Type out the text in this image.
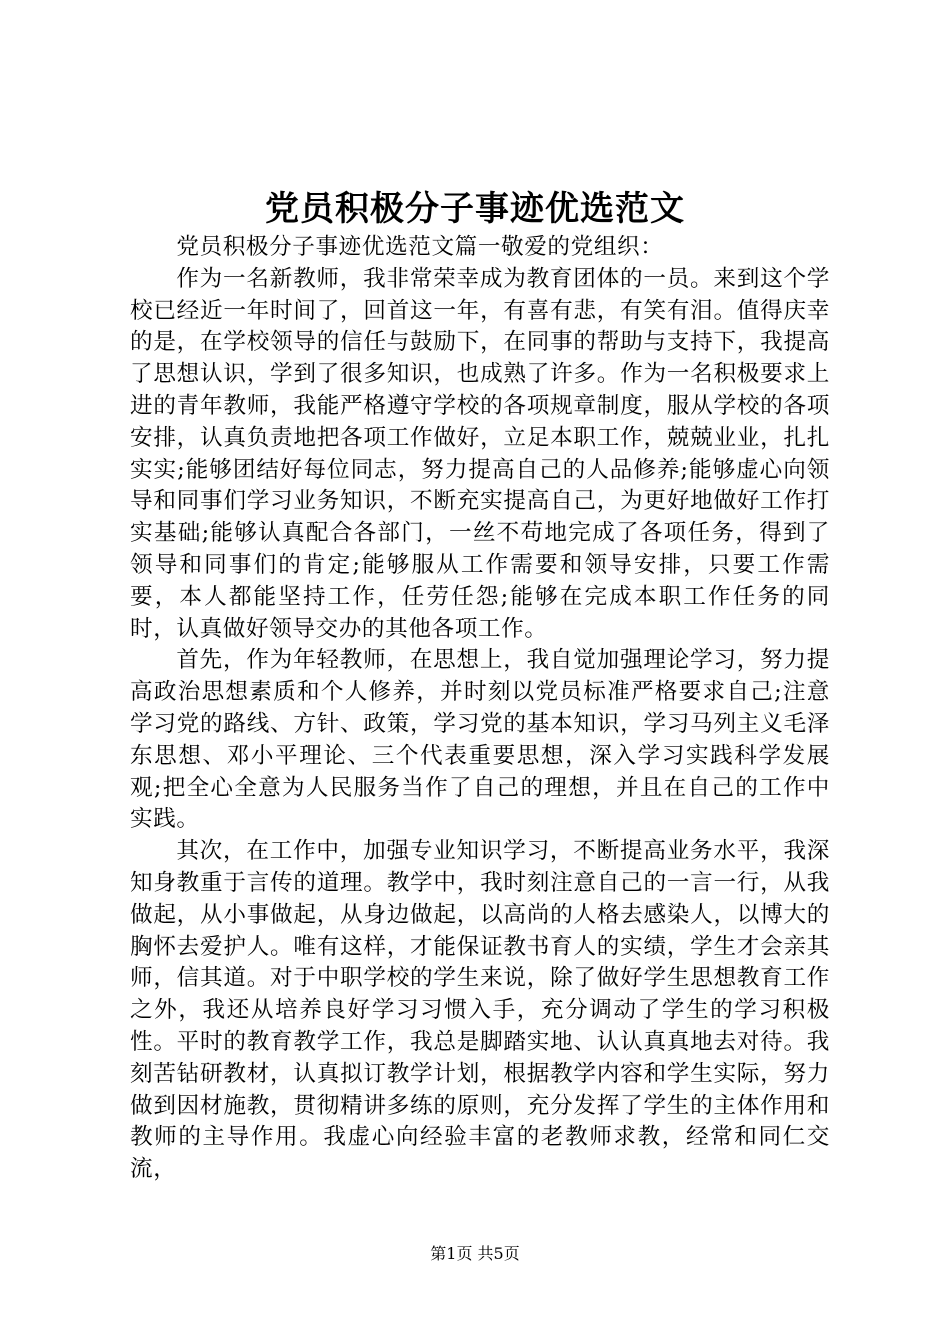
党员积极分子事迹优选范文

党员积极分子事迹优选范文篇一敬爱的党组织：

作为一名新教师，我非常荣幸成为教育团体的一员。来到这个学校已经近一年时间了，回首这一年，有喜有悲，有笑有泪。值得庆幸的是，在学校领导的信任与鼓励下，在同事的帮助与支持下，我提高了思想认识，学到了很多知识，也成熟了许多。作为一名积极要求上进的青年教师，我能严格遵守学校的各项规章制度，服从学校的各项安排，认真负责地把各项工作做好，立足本职工作，兢兢业业，扎扎实实;能够团结好每位同志，努力提高自己的人品修养;能够虚心向领导和同事们学习业务知识，不断充实提高自己，为更好地做好工作打实基础;能够认真配合各部门，一丝不苟地完成了各项任务，得到了领导和同事们的肯定;能够服从工作需要和领导安排，只要工作需要，本人都能坚持工作，任劳任怨;能够在完成本职工作任务的同时，认真做好领导交办的其他各项工作。

首先，作为年轻教师，在思想上，我自觉加强理论学习，努力提高政治思想素质和个人修养，并时刻以党员标准严格要求自己;注意学习党的路线、方针、政策，学习党的基本知识，学习马列主义毛泽东思想、邓小平理论、三个代表重要思想，深入学习实践科学发展观;把全心全意为人民服务当作了自己的理想，并且在自己的工作中实践。

其次，在工作中，加强专业知识学习，不断提高业务水平，我深知身教重于言传的道理。教学中，我时刻注意自己的一言一行，从我做起，从小事做起，从身边做起，以高尚的人格去感染人，以博大的胸怀去爱护人。唯有这样，才能保证教书育人的实绩，学生才会亲其师，信其道。对于中职学校的学生来说，除了做好学生思想教育工作之外，我还从培养良好学习习惯入手，充分调动了学生的学习积极性。平时的教育教学工作，我总是脚踏实地、认认真真地去对待。我刻苦钻研教材，认真拟订教学计划，根据教学内容和学生实际，努力做到因材施教，贯彻精讲多练的原则，充分发挥了学生的主体作用和教师的主导作用。我虚心向经验丰富的老教师求教，经常和同仁交流，

第1页 共5页
